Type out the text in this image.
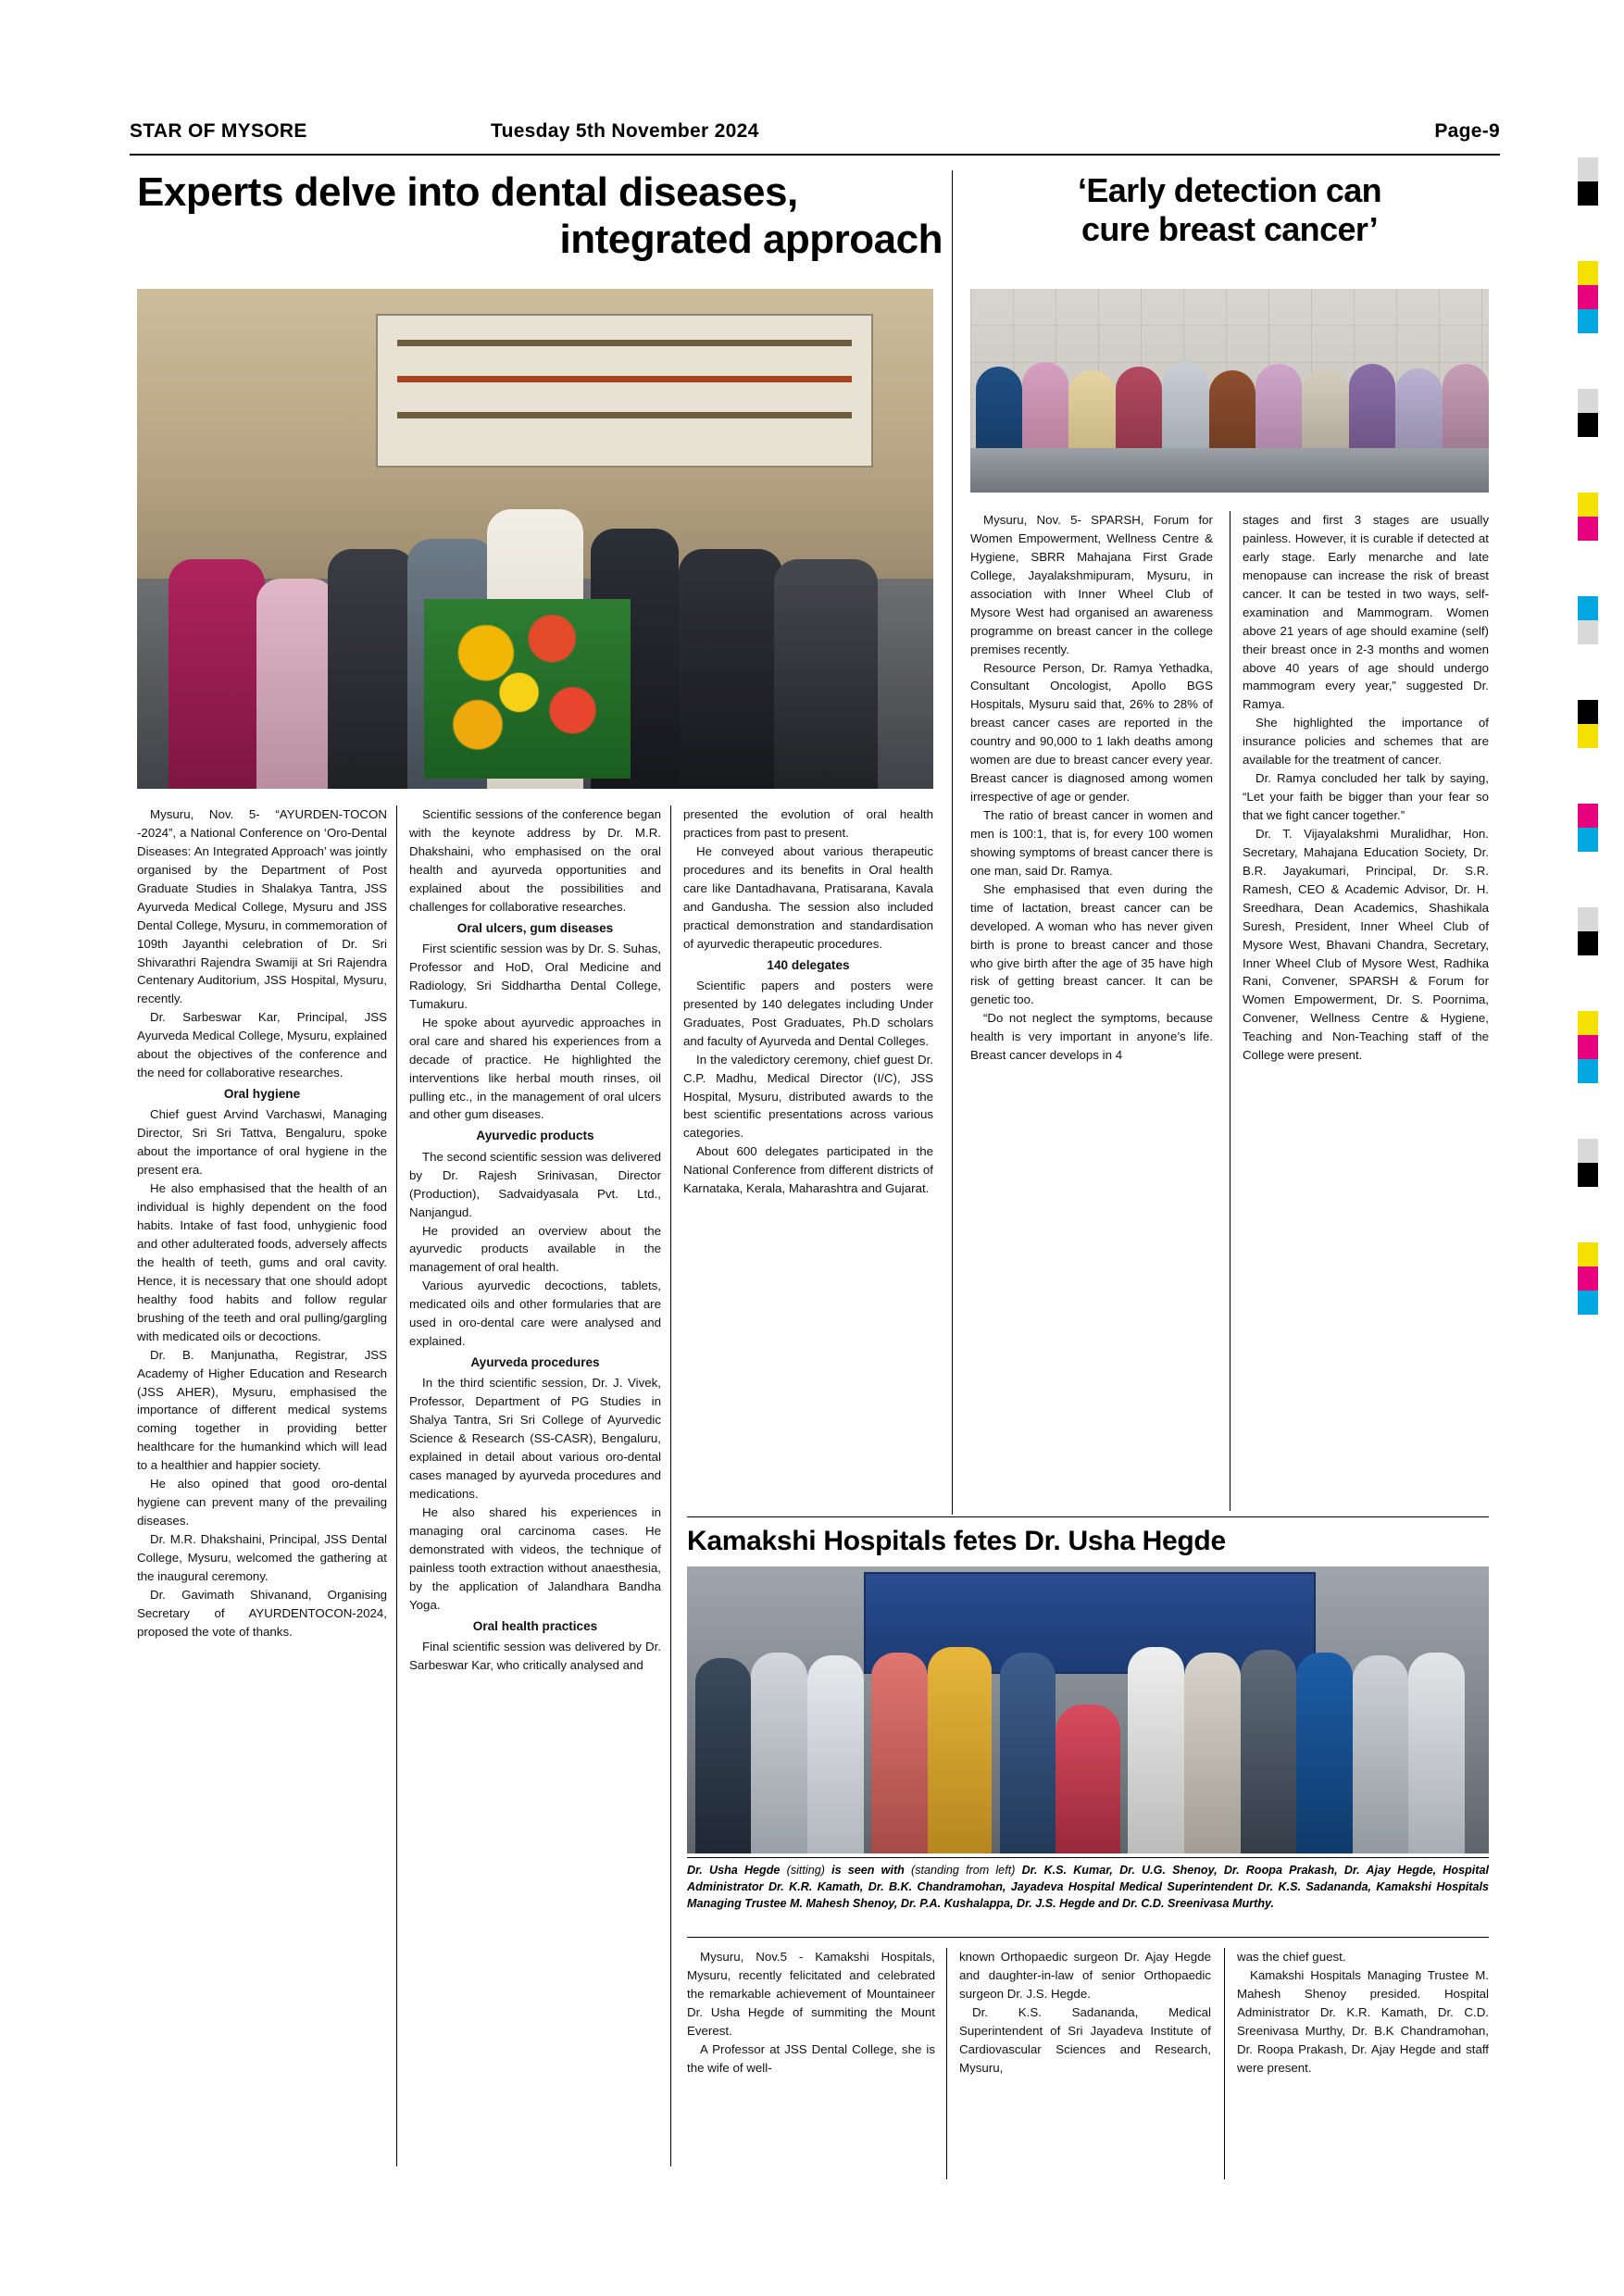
STAR OF MYSORE	Tuesday 5th November 2024	Page-9
Experts delve into dental diseases,
integrated approach

Mysuru, Nov. 5- “AYURDEN-TOCON -2024”, a National Conference on ‘Oro-Dental Diseases: An Integrated Approach’ was jointly organised by the Department of Post Graduate Studies in Shalakya Tantra, JSS Ayurveda Medical College, Mysuru and JSS Dental College, Mysuru, in commemoration of 109th Jayanthi celebration of Dr. Sri Shivarathri Rajendra Swamiji at Sri Rajendra Centenary Auditorium, JSS Hospital, Mysuru, recently.

Dr. Sarbeswar Kar, Principal, JSS Ayurveda Medical College, Mysuru, explained about the objectives of the conference and the need for collaborative researches.

Oral hygiene

Chief guest Arvind Varchaswi, Managing Director, Sri Sri Tattva, Bengaluru, spoke about the importance of oral hygiene in the present era.

He also emphasised that the health of an individual is highly dependent on the food habits. Intake of fast food, unhygienic food and other adulterated foods, adversely affects the health of teeth, gums and oral cavity. Hence, it is necessary that one should adopt healthy food habits and follow regular brushing of the teeth and oral pulling/gargling with medicated oils or decoctions.

Dr. B. Manjunatha, Registrar, JSS Academy of Higher Education and Research (JSS AHER), Mysuru, emphasised the importance of different medical systems coming together in providing better healthcare for the humankind which will lead to a healthier and happier society.

He also opined that good oro-dental hygiene can prevent many of the prevailing diseases.

Dr. M.R. Dhakshaini, Principal, JSS Dental College, Mysuru, welcomed the gathering at the inaugural ceremony.

Dr. Gavimath Shivanand, Organising Secretary of AYURDENTOCON-2024, proposed the vote of thanks.

Scientific sessions of the conference began with the keynote address by Dr. M.R. Dhakshaini, who emphasised on the oral health and ayurveda opportunities and explained about the possibilities and challenges for collaborative researches.

Oral ulcers, gum diseases

First scientific session was by Dr. S. Suhas, Professor and HoD, Oral Medicine and Radiology, Sri Siddhartha Dental College, Tumakuru.

He spoke about ayurvedic approaches in oral care and shared his experiences from a decade of practice. He highlighted the interventions like herbal mouth rinses, oil pulling etc., in the management of oral ulcers and other gum diseases.

Ayurvedic products

The second scientific session was delivered by Dr. Rajesh Srinivasan, Director (Production), Sadvaidyasala Pvt. Ltd., Nanjangud.

He provided an overview about the ayurvedic products available in the management of oral health.

Various ayurvedic decoctions, tablets, medicated oils and other formularies that are used in oro-dental care were analysed and explained.

Ayurveda procedures

In the third scientific session, Dr. J. Vivek, Professor, Department of PG Studies in Shalya Tantra, Sri Sri College of Ayurvedic Science & Research (SS-CASR), Bengaluru, explained in detail about various oro-dental cases managed by ayurveda procedures and medications.

He also shared his experiences in managing oral carcinoma cases. He demonstrated with videos, the technique of painless tooth extraction without anaesthesia, by the application of Jalandhara Bandha Yoga.

Oral health practices

Final scientific session was delivered by Dr. Sarbeswar Kar, who critically analysed and

presented the evolution of oral health practices from past to present.

He conveyed about various therapeutic procedures and its benefits in Oral health care like Dantadhavana, Pratisarana, Kavala and Gandusha. The session also included practical demonstration and standardisation of ayurvedic therapeutic procedures.

140 delegates

Scientific papers and posters were presented by 140 delegates including Under Graduates, Post Graduates, Ph.D scholars and faculty of Ayurveda and Dental Colleges.

In the valedictory ceremony, chief guest Dr. C.P. Madhu, Medical Director (I/C), JSS Hospital, Mysuru, distributed awards to the best scientific presentations across various categories.

About 600 delegates participated in the National Conference from different districts of Karnataka, Kerala, Maharashtra and Gujarat.

‘Early detection can
cure breast cancer’

Mysuru, Nov. 5- SPARSH, Forum for Women Empowerment, Wellness Centre & Hygiene, SBRR Mahajana First Grade College, Jayalakshmipuram, Mysuru, in association with Inner Wheel Club of Mysore West had organised an awareness programme on breast cancer in the college premises recently.

Resource Person, Dr. Ramya Yethadka, Consultant Oncologist, Apollo BGS Hospitals, Mysuru said that, 26% to 28% of breast cancer cases are reported in the country and 90,000 to 1 lakh deaths among women are due to breast cancer every year. Breast cancer is diagnosed among women irrespective of age or gender.

The ratio of breast cancer in women and men is 100:1, that is, for every 100 women showing symptoms of breast cancer there is one man, said Dr. Ramya.

She emphasised that even during the time of lactation, breast cancer can be developed. A woman who has never given birth is prone to breast cancer and those who give birth after the age of 35 have high risk of getting breast cancer. It can be genetic too.

“Do not neglect the symptoms, because health is very important in anyone’s life. Breast cancer develops in 4

stages and first 3 stages are usually painless. However, it is curable if detected at early stage. Early menarche and late menopause can increase the risk of breast cancer. It can be tested in two ways, self-examination and Mammogram. Women above 21 years of age should examine (self) their breast once in 2-3 months and women above 40 years of age should undergo mammogram every year,” suggested Dr. Ramya.

She highlighted the importance of insurance policies and schemes that are available for the treatment of cancer.

Dr. Ramya concluded her talk by saying, “Let your faith be bigger than your fear so that we fight cancer together.”

Dr. T. Vijayalakshmi Muralidhar, Hon. Secretary, Mahajana Education Society, Dr. B.R. Jayakumari, Principal, Dr. S.R. Ramesh, CEO & Academic Advisor, Dr. H. Sreedhara, Dean Academics, Shashikala Suresh, President, Inner Wheel Club of Mysore West, Bhavani Chandra, Secretary, Inner Wheel Club of Mysore West, Radhika Rani, Convener, SPARSH & Forum for Women Empowerment, Dr. S. Poornima, Convener, Wellness Centre & Hygiene, Teaching and Non-Teaching staff of the College were present.

Kamakshi Hospitals fetes Dr. Usha Hegde
Dr. Usha Hegde (sitting) is seen with (standing from left) Dr. K.S. Kumar, Dr. U.G. Shenoy, Dr. Roopa Prakash, Dr. Ajay Hegde, Hospital Administrator Dr. K.R. Kamath, Dr. B.K. Chandramohan, Jayadeva Hospital Medical Superintendent Dr. K.S. Sadananda, Kamakshi Hospitals Managing Trustee M. Mahesh Shenoy, Dr. P.A. Kushalappa, Dr. J.S. Hegde and Dr. C.D. Sreenivasa Murthy.

Mysuru, Nov.5 - Kamakshi Hospitals, Mysuru, recently felicitated and celebrated the remarkable achievement of Mountaineer Dr. Usha Hegde of summiting the Mount Everest.

A Professor at JSS Dental College, she is the wife of well-

known Orthopaedic surgeon Dr. Ajay Hegde and daughter-in-law of senior Orthopaedic surgeon Dr. J.S. Hegde.

Dr. K.S. Sadananda, Medical Superintendent of Sri Jayadeva Institute of Cardiovascular Sciences and Research, Mysuru,

was the chief guest.

Kamakshi Hospitals Managing Trustee M. Mahesh Shenoy presided. Hospital Administrator Dr. K.R. Kamath, Dr. C.D. Sreenivasa Murthy, Dr. B.K Chandramohan, Dr. Roopa Prakash, Dr. Ajay Hegde and staff were present.
